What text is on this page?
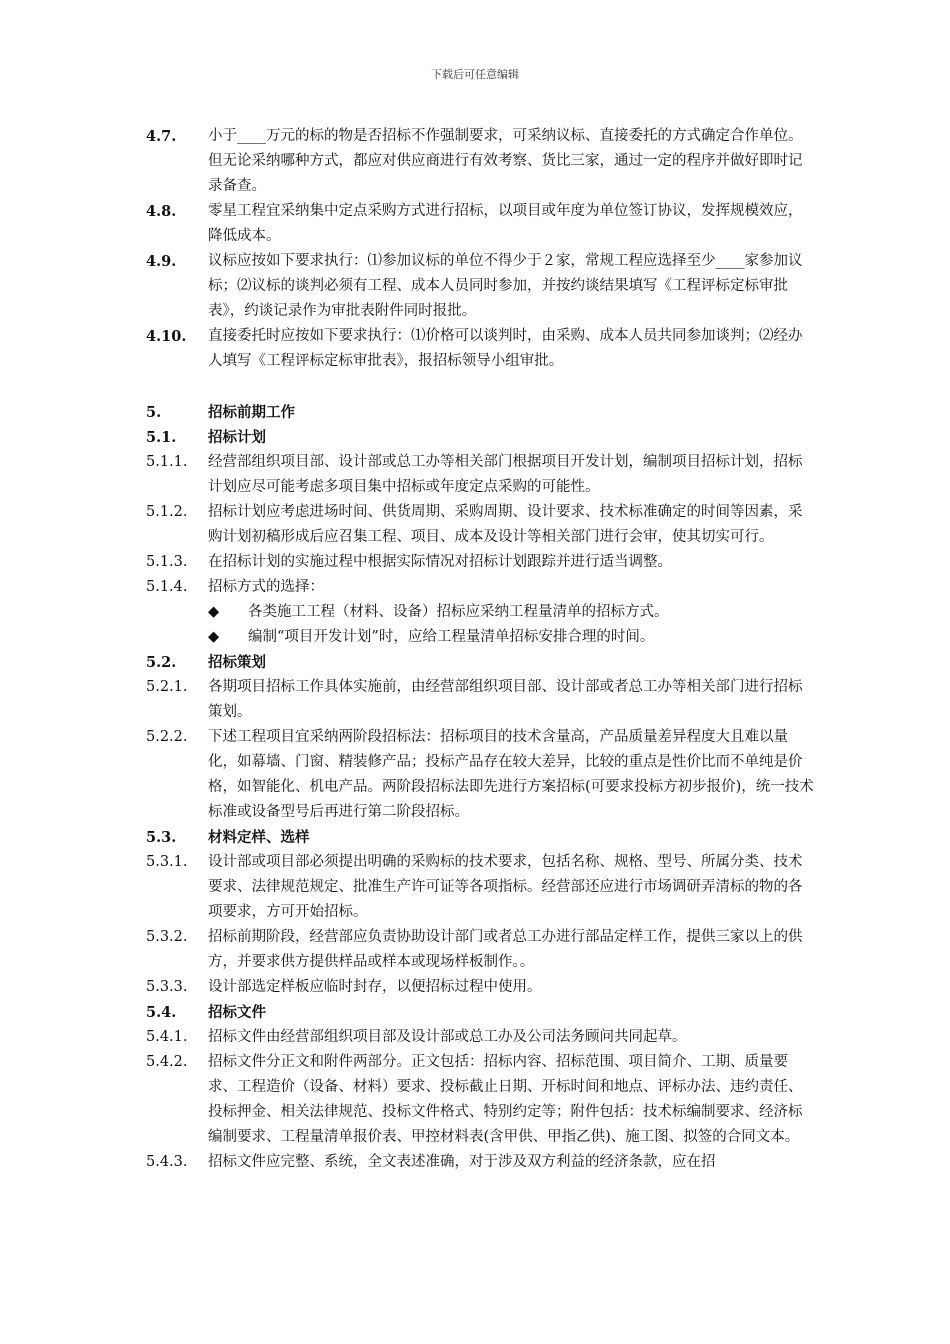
下载后可任意编辑
4.7.	小于____万元的标的物是否招标不作强制要求，可采纳议标、直接委托的方式确定合作单位。但无论采纳哪种方式，都应对供应商进行有效考察、货比三家，通过一定的程序并做好即时记录备查。
4.8.	零星工程宜采纳集中定点采购方式进行招标，以项目或年度为单位签订协议，发挥规模效应，降低成本。
4.9.	议标应按如下要求执行：⑴参加议标的单位不得少于２家，常规工程应选择至少____家参加议标；⑵议标的谈判必须有工程、成本人员同时参加，并按约谈结果填写《工程评标定标审批表》，约谈记录作为审批表附件同时报批。
4.10.	直接委托时应按如下要求执行：⑴价格可以谈判时，由采购、成本人员共同参加谈判；⑵经办人填写《工程评标定标审批表》，报招标领导小组审批。
5.	招标前期工作
5.1.	招标计划
5.1.1.	经营部组织项目部、设计部或总工办等相关部门根据项目开发计划，编制项目招标计划，招标计划应尽可能考虑多项目集中招标或年度定点采购的可能性。
5.1.2.	招标计划应考虑进场时间、供货周期、采购周期、设计要求、技术标准确定的时间等因素，采购计划初稿形成后应召集工程、项目、成本及设计等相关部门进行会审，使其切实可行。
5.1.3.	在招标计划的实施过程中根据实际情况对招标计划跟踪并进行适当调整。
5.1.4.	招标方式的选择：
◆	各类施工工程（材料、设备）招标应采纳工程量清单的招标方式。
◆	编制“项目开发计划”时，应给工程量清单招标安排合理的时间。
5.2.	招标策划
5.2.1.	各期项目招标工作具体实施前，由经营部组织项目部、设计部或者总工办等相关部门进行招标策划。
5.2.2.	下述工程项目宜采纳两阶段招标法：招标项目的技术含量高，产品质量差异程度大且难以量化，如幕墙、门窗、精装修产品；投标产品存在较大差异，比较的重点是性价比而不单纯是价格，如智能化、机电产品。两阶段招标法即先进行方案招标(可要求投标方初步报价)，统一技术标准或设备型号后再进行第二阶段招标。
5.3.	材料定样、选样
5.3.1.	设计部或项目部必须提出明确的采购标的技术要求，包括名称、规格、型号、所属分类、技术要求、法律规范规定、批准生产许可证等各项指标。经营部还应进行市场调研弄清标的物的各项要求，方可开始招标。
5.3.2.	招标前期阶段，经营部应负责协助设计部门或者总工办进行部品定样工作，提供三家以上的供方，并要求供方提供样品或样本或现场样板制作。。
5.3.3.	设计部选定样板应临时封存，以便招标过程中使用。
5.4.	招标文件
5.4.1.	招标文件由经营部组织项目部及设计部或总工办及公司法务顾问共同起草。
5.4.2.	招标文件分正文和附件两部分。正文包括：招标内容、招标范围、项目简介、工期、质量要求、工程造价（设备、材料）要求、投标截止日期、开标时间和地点、评标办法、违约责任、投标押金、相关法律规范、投标文件格式、特别约定等；附件包括：技术标编制要求、经济标编制要求、工程量清单报价表、甲控材料表(含甲供、甲指乙供)、施工图、拟签的合同文本。
5.4.3.	招标文件应完整、系统，全文表述准确，对于涉及双方利益的经济条款，应在招
